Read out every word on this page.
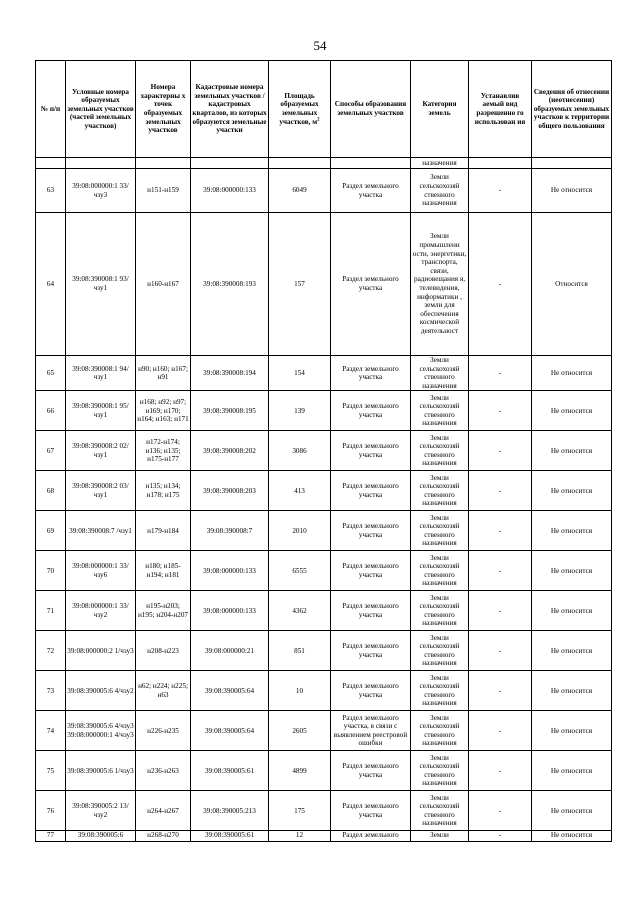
54
№ п/п	Условные номера образуемых земельных участков (частей земельных участков)	Номера характерны х точек образуемых земельных участков	Кадастровые номера земельных участков / кадастровых кварталов, из которых образуются земельные участки	Площадь образуемых земельных участков, $м^2$	Способы образования земельных участков	Категория земель	Устанавлив аемый вид разрешенно го использован ия	Сведения об отнесении (неотнесении) образуемых земельных участков к территории общего пользования
						назначения		
63	39:08:000000:1 33/чзу3	н151-н159	39:08:000000:133	6049	Раздел земельного участка	Земли сельскохозяй ственного назначения	-	Не относится
64	39:08:390008:1 93/чзу1	н160-н167	39:08:390008:193	157	Раздел земельного участка	Земли промышленн ости, энергетики, транспорта, связи, радиовещания я, телевидения, информатики , земли для обеспечения космической деятельност	-	Относится
65	39:08:390008:1 94/чзу1	н90; н160; н167; н91	39:08:390008:194	154	Раздел земельного участка	Земли сельскохозяй ственного назначения	-	Не относится
66	39:08:390008:1 95/чзу1	н168; н92; н97; н169; н170; н164; н163; н171	39:08:390008:195	139	Раздел земельного участка	Земли сельскохозяй ственного назначения	-	Не относится
67	39:08:390008:2 02/чзу1	н172-н174; н136; н135; н175-н177	39:08:390008:202	3086	Раздел земельного участка	Земли сельскохозяй ственного назначения	-	Не относится
68	39:08:390008:2 03/чзу1	н135; н134; н178; н175	39:08:390008:203	413	Раздел земельного участка	Земли сельскохозяй ственного назначения	-	Не относится
69	39:08:390008:7 /чзу1	н179-н184	39:08:390008:7	2010	Раздел земельного участка	Земли сельскохозяй ственного назначения	-	Не относится
70	39:08:000000:1 33/чзу6	н180; н185-н194; н181	39:08:000000:133	6555	Раздел земельного участка	Земли сельскохозяй ственного назначения	-	Не относится
71	39:08:000000:1 33/чзу2	н195-н203; н195; н204-н207	39:08:000000:133	4362	Раздел земельного участка	Земли сельскохозяй ственного назначения	-	Не относится
72	39:08:000000:2 1/чзу3	н208-н223	39:08:000000:21	851	Раздел земельного участка	Земли сельскохозяй ственного назначения	-	Не относится
73	39:08:390005:6 4/чзу2	н62; н224; н225; н63	39:08:390005:64	10	Раздел земельного участка	Земли сельскохозяй ственного назначения	-	Не относится
74	39:08:390005:6 4/чзу3 39:08:000000:1 4/чзу3	н226-н235	39:08:390005:64	2605	Раздел земельного участка, в связи с выявлением реестровой ошибки	Земли сельскохозяй ственного назначения	-	Не относится
75	39:08:390005:6 1/чзу3	н236-н263	39:08:390005:61	4899	Раздел земельного участка	Земли сельскохозяй ственного назначения	-	Не относится
76	39:08:390005:2 13/чзу2	н264-н267	39:08:390005:213	175	Раздел земельного участка	Земли сельскохозяй ственного назначения	-	Не относится
77	39:08:390005:6	н268-н270	39:08:390005:61	12	Раздел земельного	Земли	-	Не относится
